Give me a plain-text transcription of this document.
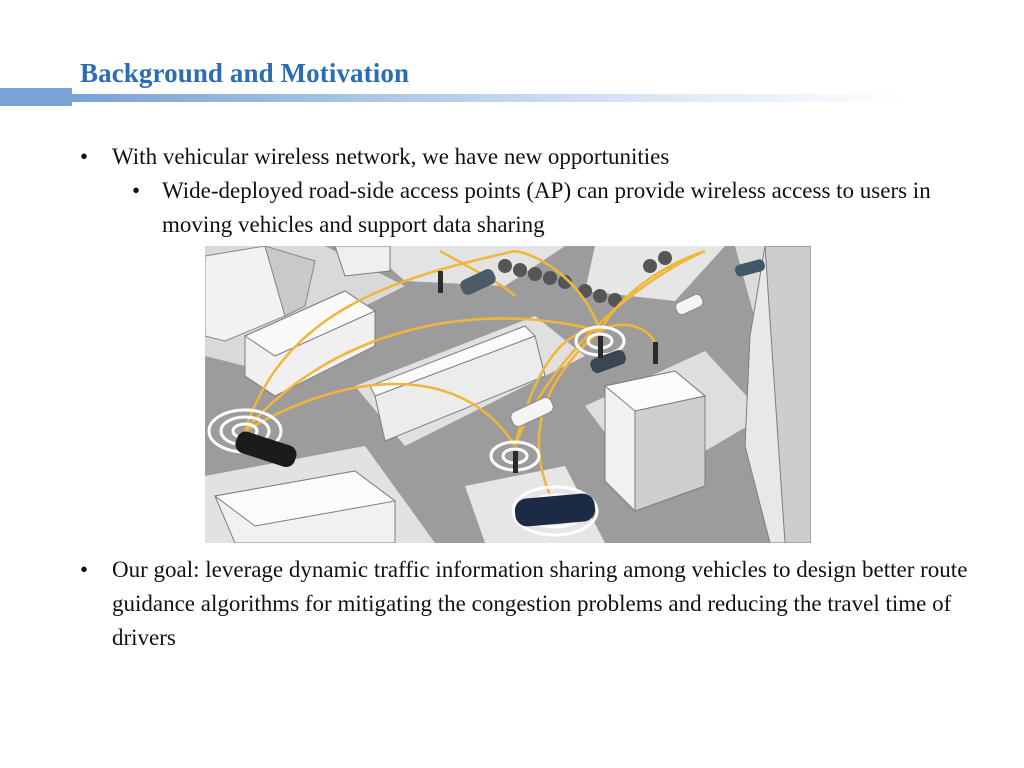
Background and Motivation
• With vehicular wireless network, we have new opportunities
• Wide-deployed road-side access points (AP) can provide wireless access to users in moving vehicles and support data sharing
• Our goal: leverage dynamic traffic information sharing among vehicles to design better route guidance algorithms for mitigating the congestion problems and reducing the travel time of drivers
